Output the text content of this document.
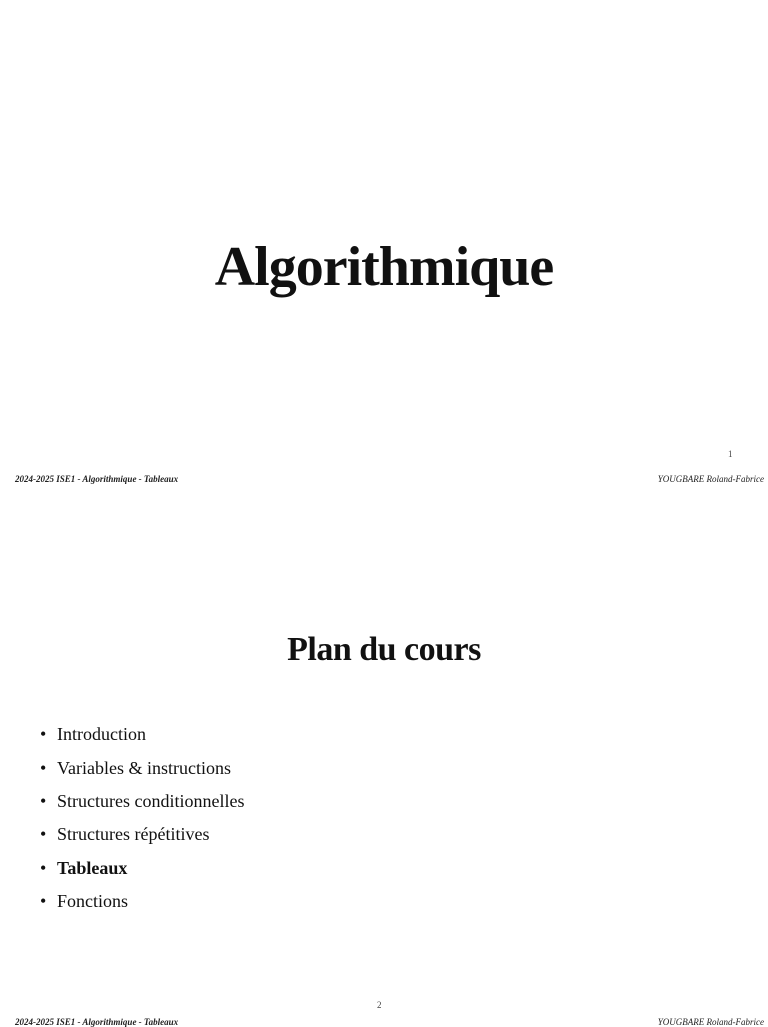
Algorithmique
1
2024-2025 ISE1 - Algorithmique - Tableaux	YOUGBARE Roland-Fabrice
Plan du cours
• Introduction
• Variables & instructions
• Structures conditionnelles
• Structures répétitives
• Tableaux
• Fonctions
2
2024-2025 ISE1 - Algorithmique - Tableaux	YOUGBARE Roland-Fabrice
